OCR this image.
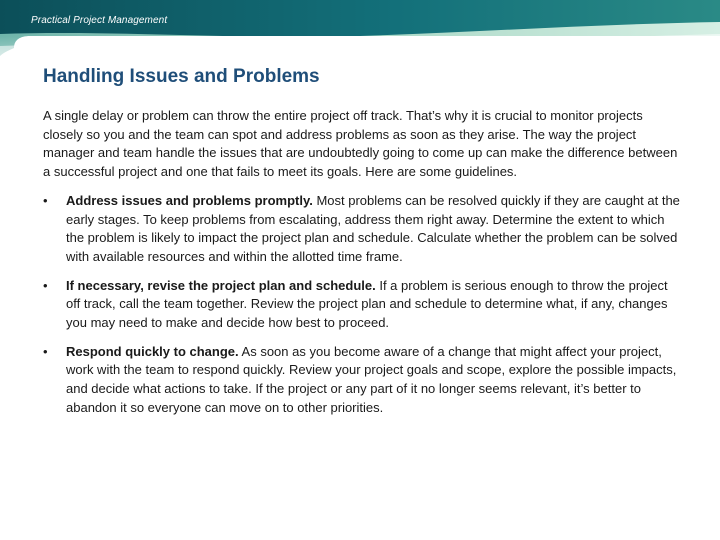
Practical Project Management
Handling Issues and Problems

A single delay or problem can throw the entire project off track. That’s why it is crucial to monitor projects closely so you and the team can spot and address problems as soon as they arise. The way the project manager and team handle the issues that are undoubtedly going to come up can make the difference between a successful project and one that fails to meet its goals. Here are some guidelines.

• Address issues and problems promptly. Most problems can be resolved quickly if they are caught at the early stages. To keep problems from escalating, address them right away. Determine the extent to which the problem is likely to impact the project plan and schedule. Calculate whether the problem can be solved with available resources and within the allotted time frame.
• If necessary, revise the project plan and schedule. If a problem is serious enough to throw the project off track, call the team together. Review the project plan and schedule to determine what, if any, changes you may need to make and decide how best to proceed.
• Respond quickly to change. As soon as you become aware of a change that might affect your project, work with the team to respond quickly. Review your project goals and scope, explore the possible impacts, and decide what actions to take. If the project or any part of it no longer seems relevant, it’s better to abandon it so everyone can move on to other priorities.
